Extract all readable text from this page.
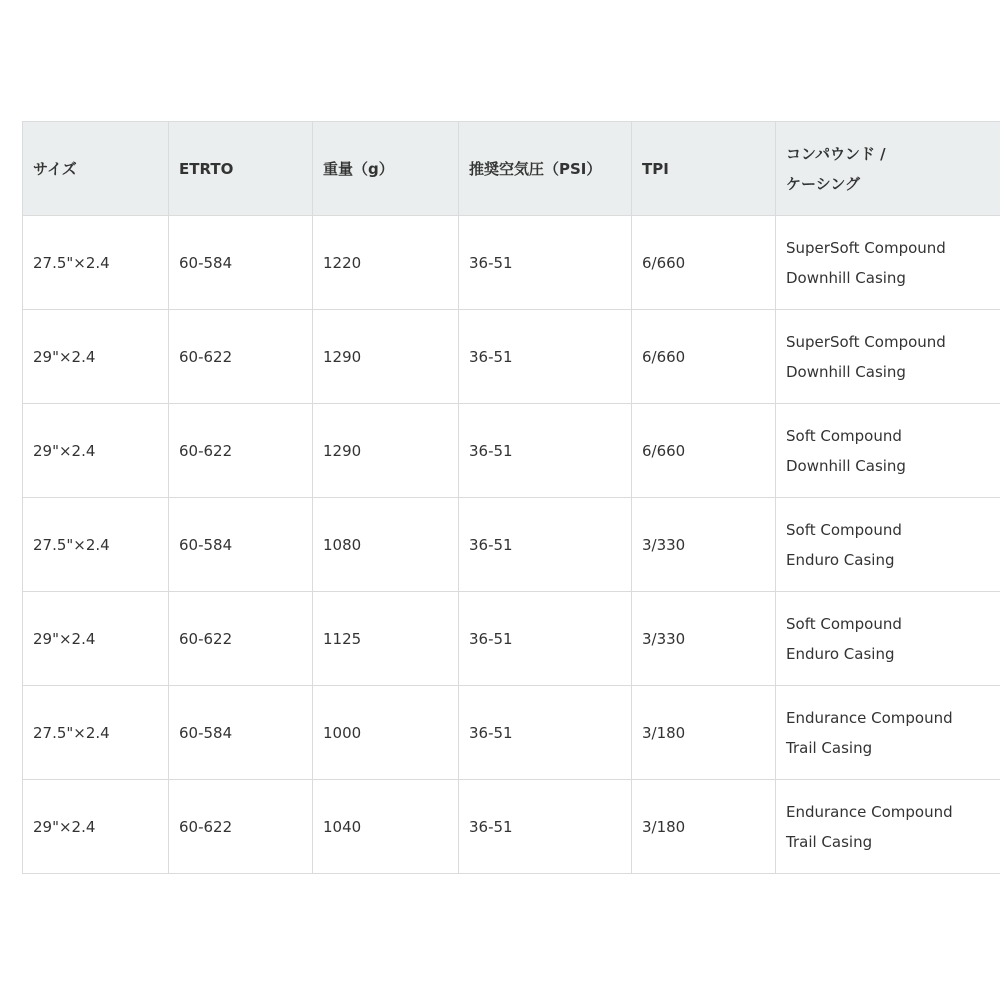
サイズ	ETRTO	重量（g）	推奨空気圧（PSI）	TPI	コンパウンド /
ケーシング

27.5"×2.4	60-584	1220	36-51	6/660	SuperSoft Compound
Downhill Casing

29"×2.4	60-622	1290	36-51	6/660	SuperSoft Compound
Downhill Casing

29"×2.4	60-622	1290	36-51	6/660	Soft Compound
Downhill Casing

27.5"×2.4	60-584	1080	36-51	3/330	Soft Compound
Enduro Casing

29"×2.4	60-622	1125	36-51	3/330	Soft Compound
Enduro Casing

27.5"×2.4	60-584	1000	36-51	3/180	Endurance Compound
Trail Casing

29"×2.4	60-622	1040	36-51	3/180	Endurance Compound
Trail Casing
